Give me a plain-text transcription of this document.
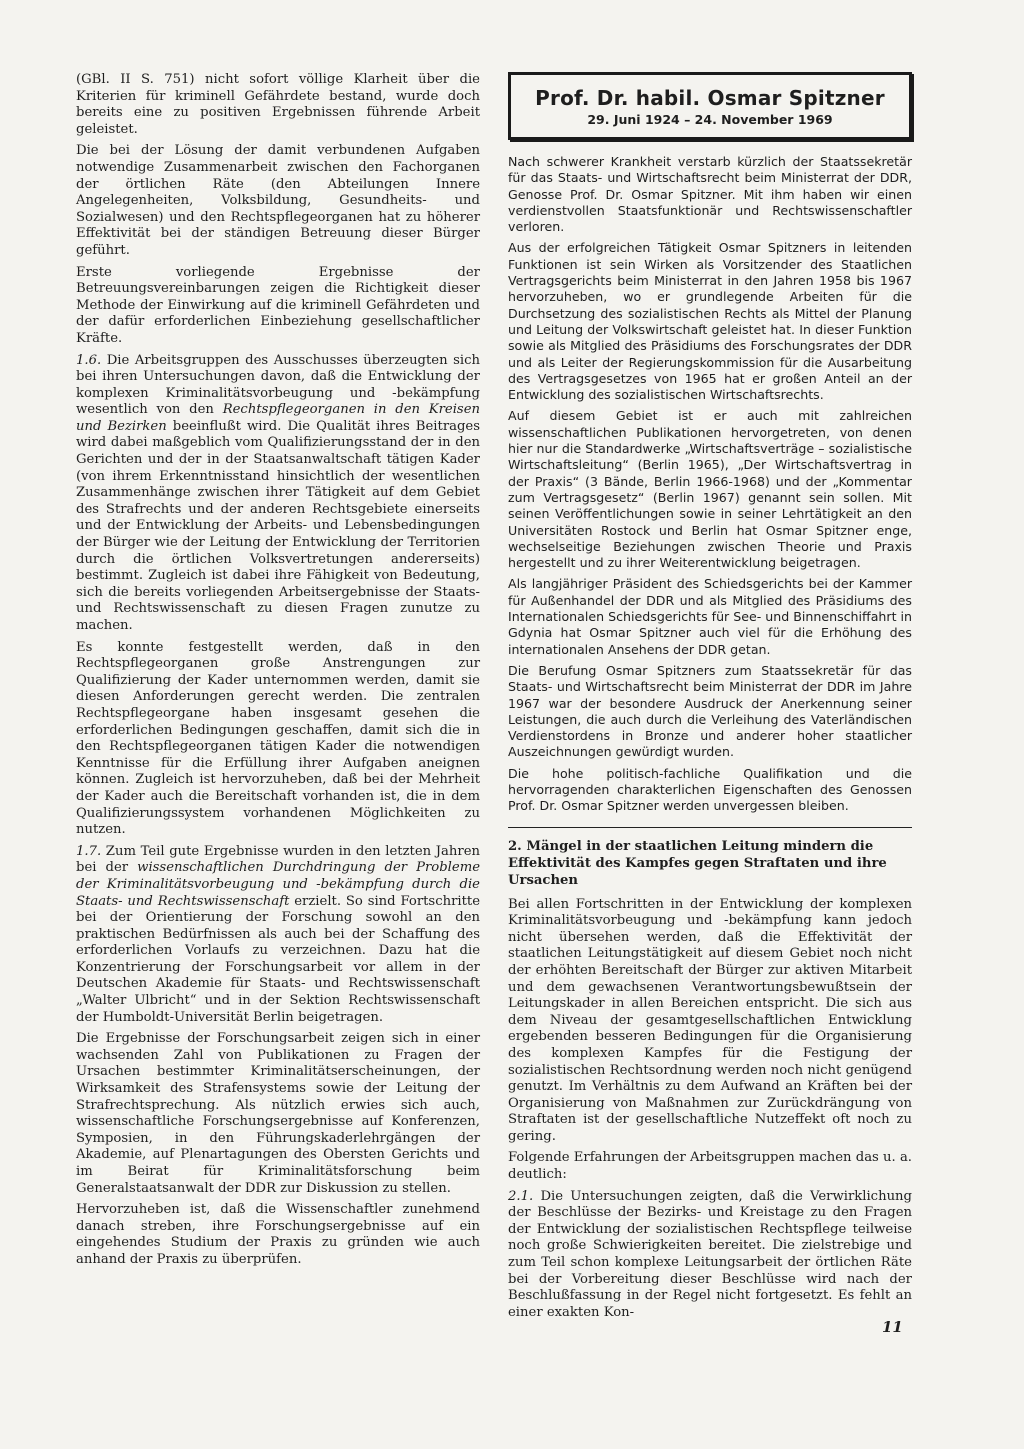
(GBl. II S. 751) nicht sofort völlige Klarheit über die Kriterien für kriminell Gefährdete bestand, wurde doch bereits eine zu positiven Ergebnissen führende Arbeit geleistet.

Die bei der Lösung der damit verbundenen Aufgaben notwendige Zusammenarbeit zwischen den Fachorganen der örtlichen Räte (den Abteilungen Innere Angelegenheiten, Volksbildung, Gesundheits- und Sozialwesen) und den Rechtspflegeorganen hat zu höherer Effektivität bei der ständigen Betreuung dieser Bürger geführt.

Erste vorliegende Ergebnisse der Betreuungsvereinbarungen zeigen die Richtigkeit dieser Methode der Einwirkung auf die kriminell Gefährdeten und der dafür erforderlichen Einbeziehung gesellschaftlicher Kräfte.

1.6. Die Arbeitsgruppen des Ausschusses überzeugten sich bei ihren Untersuchungen davon, daß die Entwicklung der komplexen Kriminalitätsvorbeugung und -bekämpfung wesentlich von den Rechtspflegeorganen in den Kreisen und Bezirken beeinflußt wird. Die Qualität ihres Beitrages wird dabei maßgeblich vom Qualifizierungsstand der in den Gerichten und der in der Staatsanwaltschaft tätigen Kader (von ihrem Erkenntnisstand hinsichtlich der wesentlichen Zusammenhänge zwischen ihrer Tätigkeit auf dem Gebiet des Strafrechts und der anderen Rechtsgebiete einerseits und der Entwicklung der Arbeits- und Lebensbedingungen der Bürger wie der Leitung der Entwicklung der Territorien durch die örtlichen Volksvertretungen andererseits) bestimmt. Zugleich ist dabei ihre Fähigkeit von Bedeutung, sich die bereits vorliegenden Arbeitsergebnisse der Staats- und Rechtswissenschaft zu diesen Fragen zunutze zu machen.

Es konnte festgestellt werden, daß in den Rechtspflegeorganen große Anstrengungen zur Qualifizierung der Kader unternommen werden, damit sie diesen Anforderungen gerecht werden. Die zentralen Rechtspflegeorgane haben insgesamt gesehen die erforderlichen Bedingungen geschaffen, damit sich die in den Rechtspflegeorganen tätigen Kader die notwendigen Kenntnisse für die Erfüllung ihrer Aufgaben aneignen können. Zugleich ist hervorzuheben, daß bei der Mehrheit der Kader auch die Bereitschaft vorhanden ist, die in dem Qualifizierungssystem vorhandenen Möglichkeiten zu nutzen.

1.7. Zum Teil gute Ergebnisse wurden in den letzten Jahren bei der wissenschaftlichen Durchdringung der Probleme der Kriminalitätsvorbeugung und -bekämpfung durch die Staats- und Rechtswissenschaft erzielt. So sind Fortschritte bei der Orientierung der Forschung sowohl an den praktischen Bedürfnissen als auch bei der Schaffung des erforderlichen Vorlaufs zu verzeichnen. Dazu hat die Konzentrierung der Forschungsarbeit vor allem in der Deutschen Akademie für Staats- und Rechtswissenschaft „Walter Ulbricht“ und in der Sektion Rechtswissenschaft der Humboldt-Universität Berlin beigetragen.

Die Ergebnisse der Forschungsarbeit zeigen sich in einer wachsenden Zahl von Publikationen zu Fragen der Ursachen bestimmter Kriminalitätserscheinungen, der Wirksamkeit des Strafensystems sowie der Leitung der Strafrechtsprechung. Als nützlich erwies sich auch, wissenschaftliche Forschungsergebnisse auf Konferenzen, Symposien, in den Führungskaderlehrgängen der Akademie, auf Plenartagungen des Obersten Gerichts und im Beirat für Kriminalitätsforschung beim Generalstaatsanwalt der DDR zur Diskussion zu stellen.

Hervorzuheben ist, daß die Wissenschaftler zunehmend danach streben, ihre Forschungsergebnisse auf ein eingehendes Studium der Praxis zu gründen wie auch anhand der Praxis zu überprüfen.

Prof. Dr. habil. Osmar Spitzner
29. Juni 1924 – 24. November 1969

Nach schwerer Krankheit verstarb kürzlich der Staatssekretär für das Staats- und Wirtschaftsrecht beim Ministerrat der DDR, Genosse Prof. Dr. Osmar Spitzner. Mit ihm haben wir einen verdienstvollen Staatsfunktionär und Rechtswissenschaftler verloren.

Aus der erfolgreichen Tätigkeit Osmar Spitzners in leitenden Funktionen ist sein Wirken als Vorsitzender des Staatlichen Vertragsgerichts beim Ministerrat in den Jahren 1958 bis 1967 hervorzuheben, wo er grundlegende Arbeiten für die Durchsetzung des sozialistischen Rechts als Mittel der Planung und Leitung der Volkswirtschaft geleistet hat. In dieser Funktion sowie als Mitglied des Präsidiums des Forschungsrates der DDR und als Leiter der Regierungskommission für die Ausarbeitung des Vertragsgesetzes von 1965 hat er großen Anteil an der Entwicklung des sozialistischen Wirtschaftsrechts.

Auf diesem Gebiet ist er auch mit zahlreichen wissenschaftlichen Publikationen hervorgetreten, von denen hier nur die Standardwerke „Wirtschaftsverträge – sozialistische Wirtschaftsleitung“ (Berlin 1965), „Der Wirtschaftsvertrag in der Praxis“ (3 Bände, Berlin 1966-1968) und der „Kommentar zum Vertragsgesetz“ (Berlin 1967) genannt sein sollen. Mit seinen Veröffentlichungen sowie in seiner Lehrtätigkeit an den Universitäten Rostock und Berlin hat Osmar Spitzner enge, wechselseitige Beziehungen zwischen Theorie und Praxis hergestellt und zu ihrer Weiterentwicklung beigetragen.

Als langjähriger Präsident des Schiedsgerichts bei der Kammer für Außenhandel der DDR und als Mitglied des Präsidiums des Internationalen Schiedsgerichts für See- und Binnenschiffahrt in Gdynia hat Osmar Spitzner auch viel für die Erhöhung des internationalen Ansehens der DDR getan.

Die Berufung Osmar Spitzners zum Staatssekretär für das Staats- und Wirtschaftsrecht beim Ministerrat der DDR im Jahre 1967 war der besondere Ausdruck der Anerkennung seiner Leistungen, die auch durch die Verleihung des Vaterländischen Verdienstordens in Bronze und anderer hoher staatlicher Auszeichnungen gewürdigt wurden.

Die hohe politisch-fachliche Qualifikation und die hervorragenden charakterlichen Eigenschaften des Genossen Prof. Dr. Osmar Spitzner werden unvergessen bleiben.

2. Mängel in der staatlichen Leitung mindern die Effektivität des Kampfes gegen Straftaten und ihre Ursachen

Bei allen Fortschritten in der Entwicklung der komplexen Kriminalitätsvorbeugung und -bekämpfung kann jedoch nicht übersehen werden, daß die Effektivität der staatlichen Leitungstätigkeit auf diesem Gebiet noch nicht der erhöhten Bereitschaft der Bürger zur aktiven Mitarbeit und dem gewachsenen Verantwortungsbewußtsein der Leitungskader in allen Bereichen entspricht. Die sich aus dem Niveau der gesamtgesellschaftlichen Entwicklung ergebenden besseren Bedingungen für die Organisierung des komplexen Kampfes für die Festigung der sozialistischen Rechtsordnung werden noch nicht genügend genutzt. Im Verhältnis zu dem Aufwand an Kräften bei der Organisierung von Maßnahmen zur Zurückdrängung von Straftaten ist der gesellschaftliche Nutzeffekt oft noch zu gering.

Folgende Erfahrungen der Arbeitsgruppen machen das u. a. deutlich:

2.1. Die Untersuchungen zeigten, daß die Verwirklichung der Beschlüsse der Bezirks- und Kreistage zu den Fragen der Entwicklung der sozialistischen Rechtspflege teilweise noch große Schwierigkeiten bereitet. Die zielstrebige und zum Teil schon komplexe Leitungsarbeit der örtlichen Räte bei der Vorbereitung dieser Beschlüsse wird nach der Beschlußfassung in der Regel nicht fortgesetzt. Es fehlt an einer exakten Kon-

11
